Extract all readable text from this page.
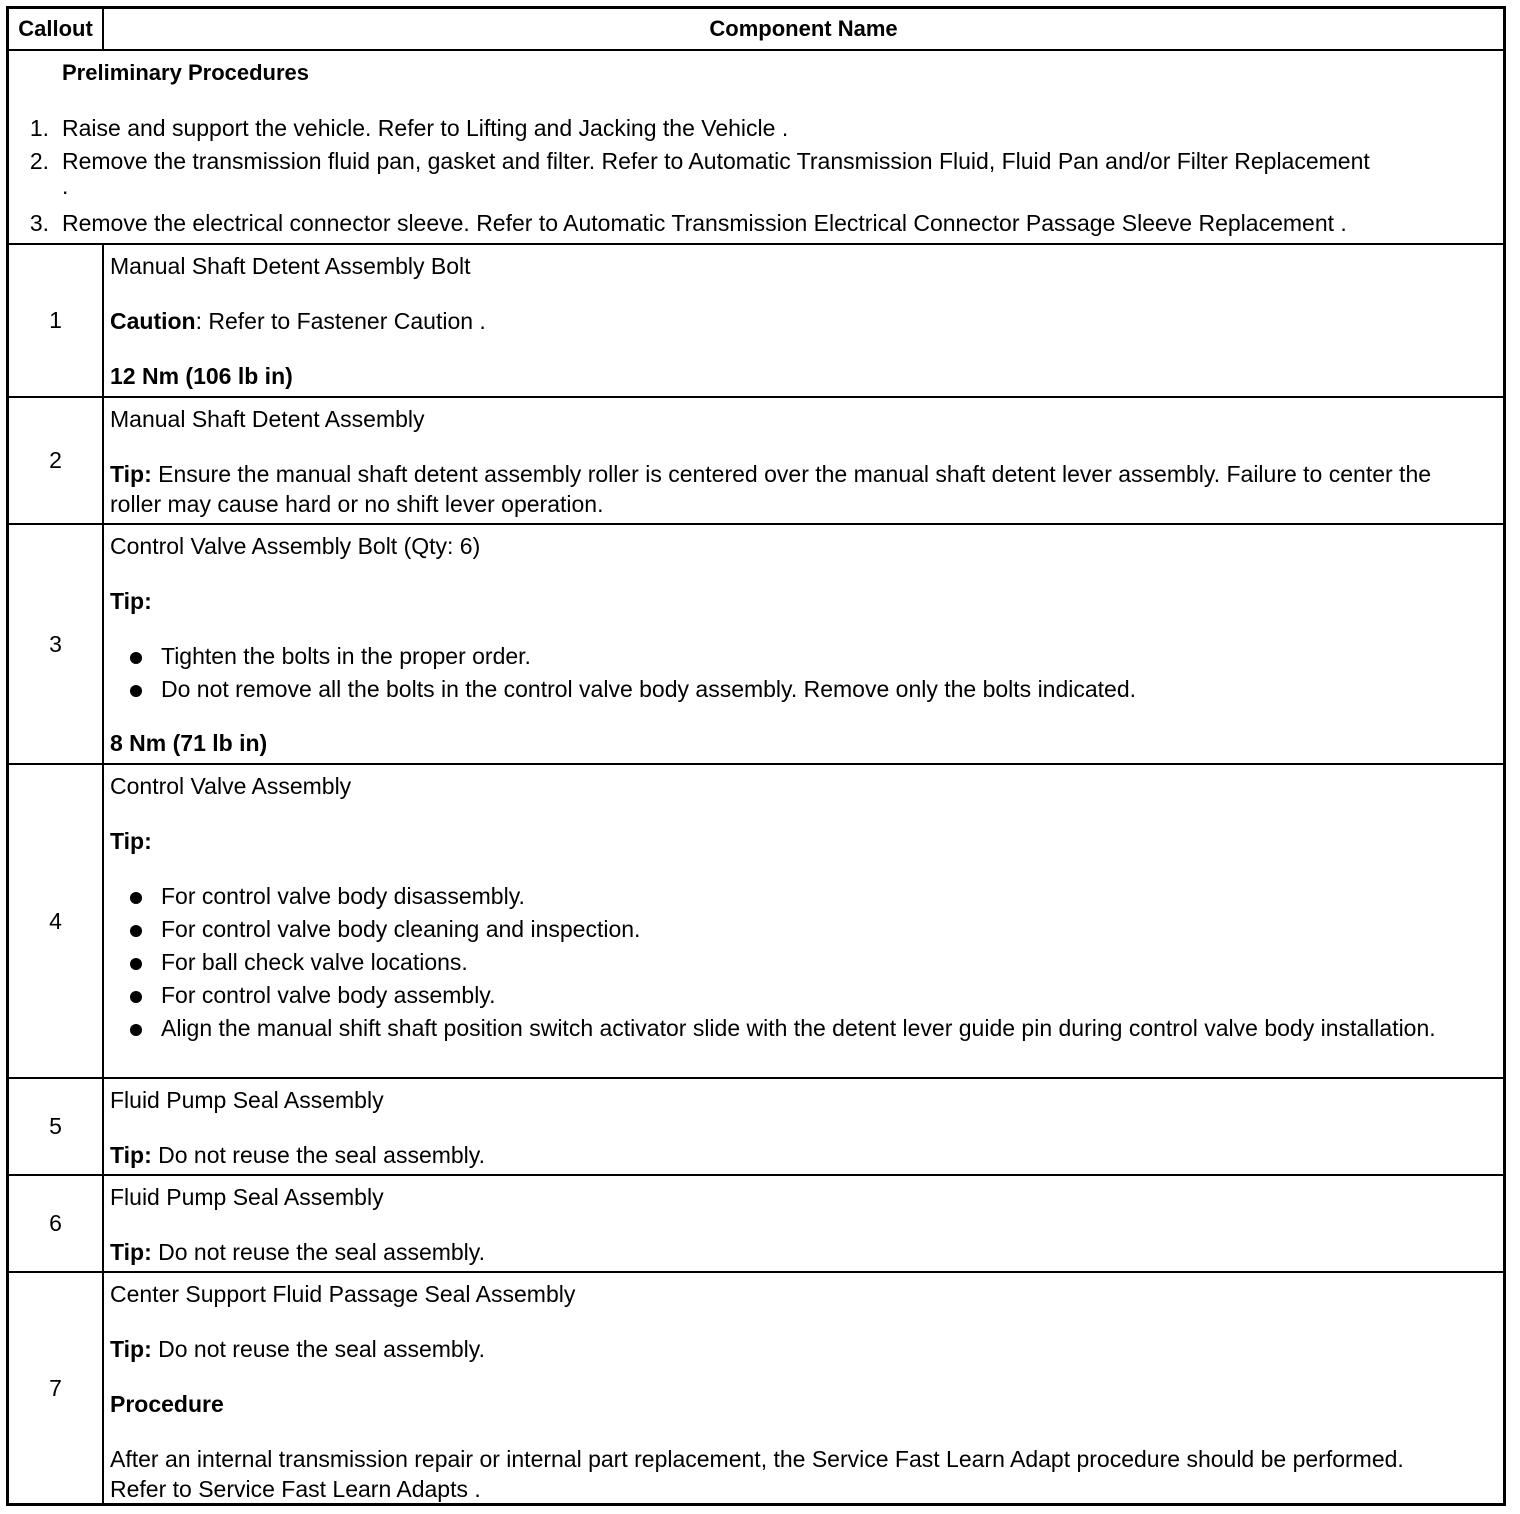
Callout	Component Name
Preliminary Procedures
1. Raise and support the vehicle. Refer to Lifting and Jacking the Vehicle .
2. Remove the transmission fluid pan, gasket and filter. Refer to Automatic Transmission Fluid, Fluid Pan and/or Filter Replacement
.
3. Remove the electrical connector sleeve. Refer to Automatic Transmission Electrical Connector Passage Sleeve Replacement .
1
Manual Shaft Detent Assembly Bolt
Caution: Refer to Fastener Caution .
12 Nm (106 lb in)
2
Manual Shaft Detent Assembly
Tip: Ensure the manual shaft detent assembly roller is centered over the manual shaft detent lever assembly. Failure to center the roller may cause hard or no shift lever operation.
3
Control Valve Assembly Bolt (Qty: 6)
Tip:
Tighten the bolts in the proper order.
Do not remove all the bolts in the control valve body assembly. Remove only the bolts indicated.
8 Nm (71 lb in)
4
Control Valve Assembly
Tip:
For control valve body disassembly.
For control valve body cleaning and inspection.
For ball check valve locations.
For control valve body assembly.
Align the manual shift shaft position switch activator slide with the detent lever guide pin during control valve body installation.
5
Fluid Pump Seal Assembly
Tip: Do not reuse the seal assembly.
6
Fluid Pump Seal Assembly
Tip: Do not reuse the seal assembly.
7
Center Support Fluid Passage Seal Assembly
Tip: Do not reuse the seal assembly.
Procedure
After an internal transmission repair or internal part replacement, the Service Fast Learn Adapt procedure should be performed. Refer to Service Fast Learn Adapts .
